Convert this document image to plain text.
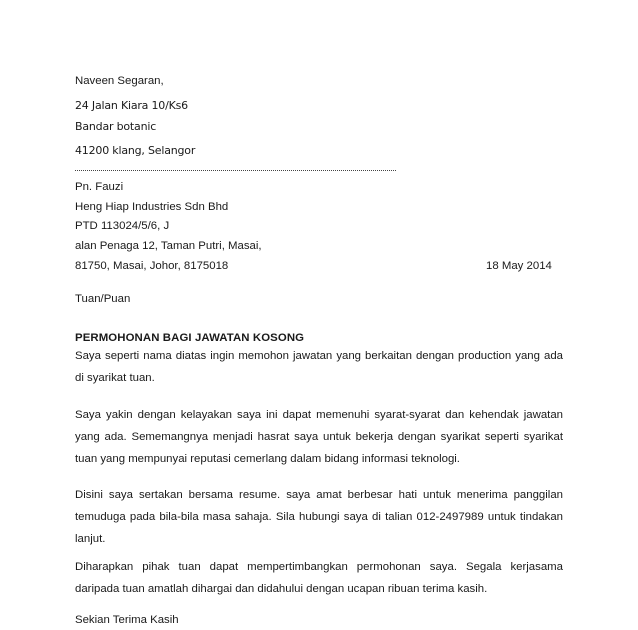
Naveen Segaran,
24 Jalan Kiara 10/Ks6
Bandar botanic
41200 klang, Selangor
Pn. Fauzi
Heng Hiap Industries Sdn Bhd
PTD 113024/5/6, J
alan Penaga 12, Taman Putri, Masai,
81750, Masai, Johor, 8175018	18 May 2014
Tuan/Puan
PERMOHONAN BAGI JAWATAN KOSONG
Saya seperti nama diatas ingin memohon jawatan yang berkaitan dengan production yang ada di syarikat tuan.
Saya yakin dengan kelayakan saya ini dapat memenuhi syarat-syarat dan kehendak jawatan yang ada. Sememangnya menjadi hasrat saya untuk bekerja dengan syarikat seperti syarikat tuan yang mempunyai reputasi cemerlang dalam bidang informasi teknologi.
Disini saya sertakan bersama resume. saya amat berbesar hati untuk menerima panggilan temuduga pada bila-bila masa sahaja. Sila hubungi saya di talian 012-2497989 untuk tindakan lanjut.
Diharapkan pihak tuan dapat mempertimbangkan permohonan saya. Segala kerjasama daripada tuan amatlah dihargai dan didahului dengan ucapan ribuan terima kasih.
Sekian Terima Kasih
